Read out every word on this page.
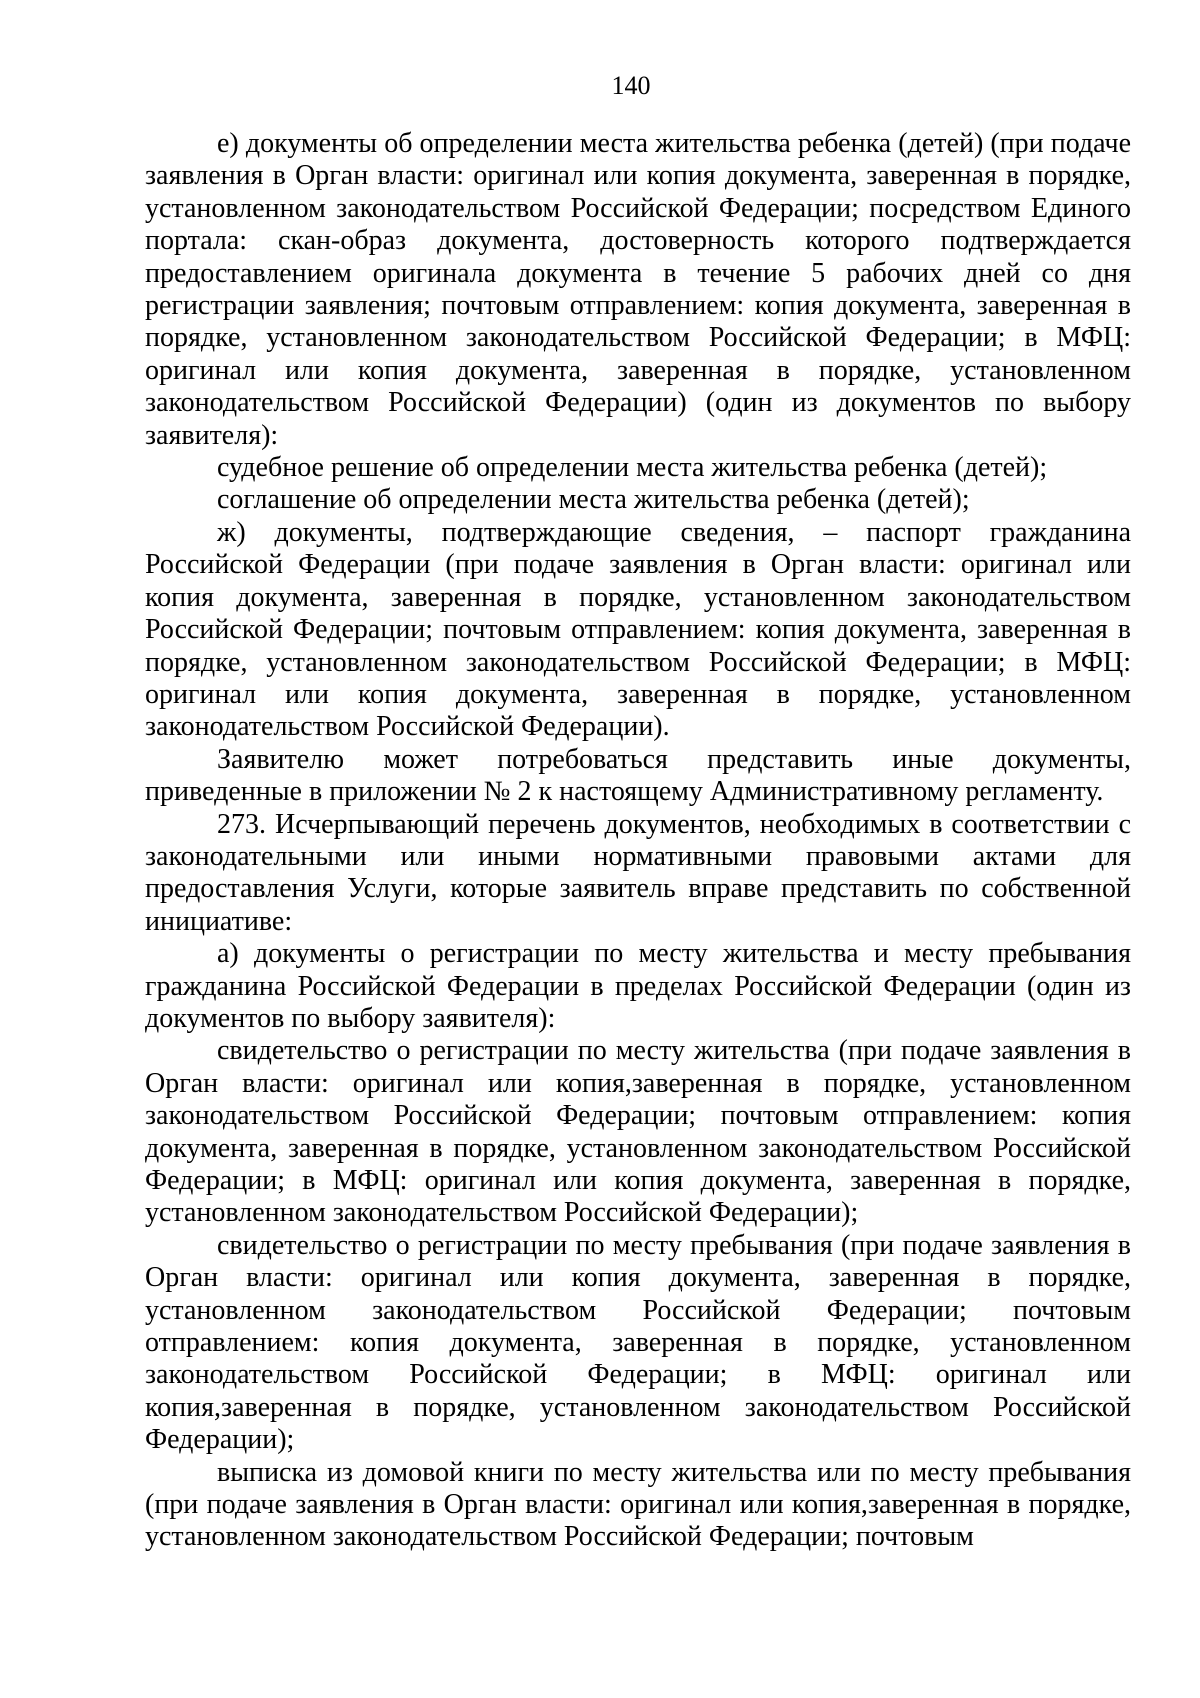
140

е) документы об определении места жительства ребенка (детей) (при подаче заявления в Орган власти: оригинал или копия документа, заверенная в порядке, установленном законодательством Российской Федерации; посредством Единого портала: скан-образ документа, достоверность которого подтверждается предоставлением оригинала документа в течение 5 рабочих дней со дня регистрации заявления; почтовым отправлением: копия документа, заверенная в порядке, установленном законодательством Российской Федерации; в МФЦ: оригинал или копия документа, заверенная в порядке, установленном законодательством Российской Федерации) (один из документов по выбору заявителя):

судебное решение об определении места жительства ребенка (детей);

соглашение об определении места жительства ребенка (детей);

ж) документы, подтверждающие сведения, – паспорт гражданина Российской Федерации (при подаче заявления в Орган власти: оригинал или копия документа, заверенная в порядке, установленном законодательством Российской Федерации; почтовым отправлением: копия документа, заверенная в порядке, установленном законодательством Российской Федерации; в МФЦ: оригинал или копия документа, заверенная в порядке, установленном законодательством Российской Федерации).

Заявителю может потребоваться представить иные документы, приведенные в приложении № 2 к настоящему Административному регламенту.

273. Исчерпывающий перечень документов, необходимых в соответствии с законодательными или иными нормативными правовыми актами для предоставления Услуги, которые заявитель вправе представить по собственной инициативе:

а) документы о регистрации по месту жительства и месту пребывания гражданина Российской Федерации в пределах Российской Федерации (один из документов по выбору заявителя):

свидетельство о регистрации по месту жительства (при подаче заявления в Орган власти: оригинал или копия,заверенная в порядке, установленном законодательством Российской Федерации; почтовым отправлением: копия документа, заверенная в порядке, установленном законодательством Российской Федерации; в МФЦ: оригинал или копия документа, заверенная в порядке, установленном законодательством Российской Федерации);

свидетельство о регистрации по месту пребывания (при подаче заявления в Орган власти: оригинал или копия документа, заверенная в порядке, установленном законодательством Российской Федерации; почтовым отправлением: копия документа, заверенная в порядке, установленном законодательством Российской Федерации; в МФЦ: оригинал или копия,заверенная в порядке, установленном законодательством Российской Федерации);

выписка из домовой книги по месту жительства или по месту пребывания (при подаче заявления в Орган власти: оригинал или копия,заверенная в порядке, установленном законодательством Российской Федерации; почтовым
